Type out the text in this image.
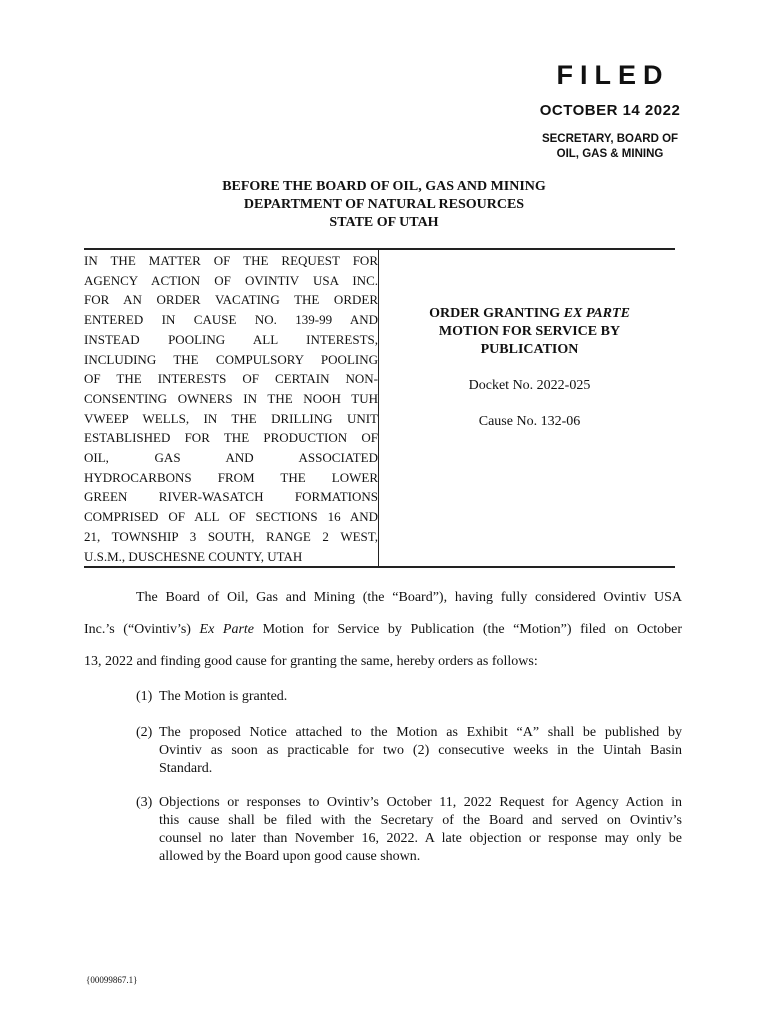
FILED
OCTOBER 14 2022
SECRETARY, BOARD OF
OIL, GAS & MINING
BEFORE THE BOARD OF OIL, GAS AND MINING
DEPARTMENT OF NATURAL RESOURCES
STATE OF UTAH
IN THE MATTER OF THE REQUEST FOR
AGENCY ACTION OF OVINTIV USA INC.
FOR AN ORDER VACATING THE ORDER
ENTERED IN CAUSE NO. 139-99 AND
INSTEAD POOLING ALL INTERESTS,
INCLUDING THE COMPULSORY POOLING
OF THE INTERESTS OF CERTAIN NON-
CONSENTING OWNERS IN THE NOOH TUH
VWEEP WELLS, IN THE DRILLING UNIT
ESTABLISHED FOR THE PRODUCTION OF
OIL, GAS AND ASSOCIATED
HYDROCARBONS FROM THE LOWER
GREEN RIVER-WASATCH FORMATIONS
COMPRISED OF ALL OF SECTIONS 16 AND
21, TOWNSHIP 3 SOUTH, RANGE 2 WEST,
U.S.M., DUSCHESNE COUNTY, UTAH
ORDER GRANTING EX PARTE
MOTION FOR SERVICE BY
PUBLICATION
Docket No. 2022-025
Cause No. 132-06
The Board of Oil, Gas and Mining (the “Board”), having fully considered Ovintiv USA
Inc.’s (“Ovintiv’s) Ex Parte Motion for Service by Publication (the “Motion”) filed on October
13, 2022 and finding good cause for granting the same, hereby orders as follows:
(1) The Motion is granted.
(2) The proposed Notice attached to the Motion as Exhibit “A” shall be published by
Ovintiv as soon as practicable for two (2) consecutive weeks in the Uintah Basin
Standard.
(3) Objections or responses to Ovintiv’s October 11, 2022 Request for Agency Action in
this cause shall be filed with the Secretary of the Board and served on Ovintiv’s
counsel no later than November 16, 2022. A late objection or response may only be
allowed by the Board upon good cause shown.
{00099867.1}
